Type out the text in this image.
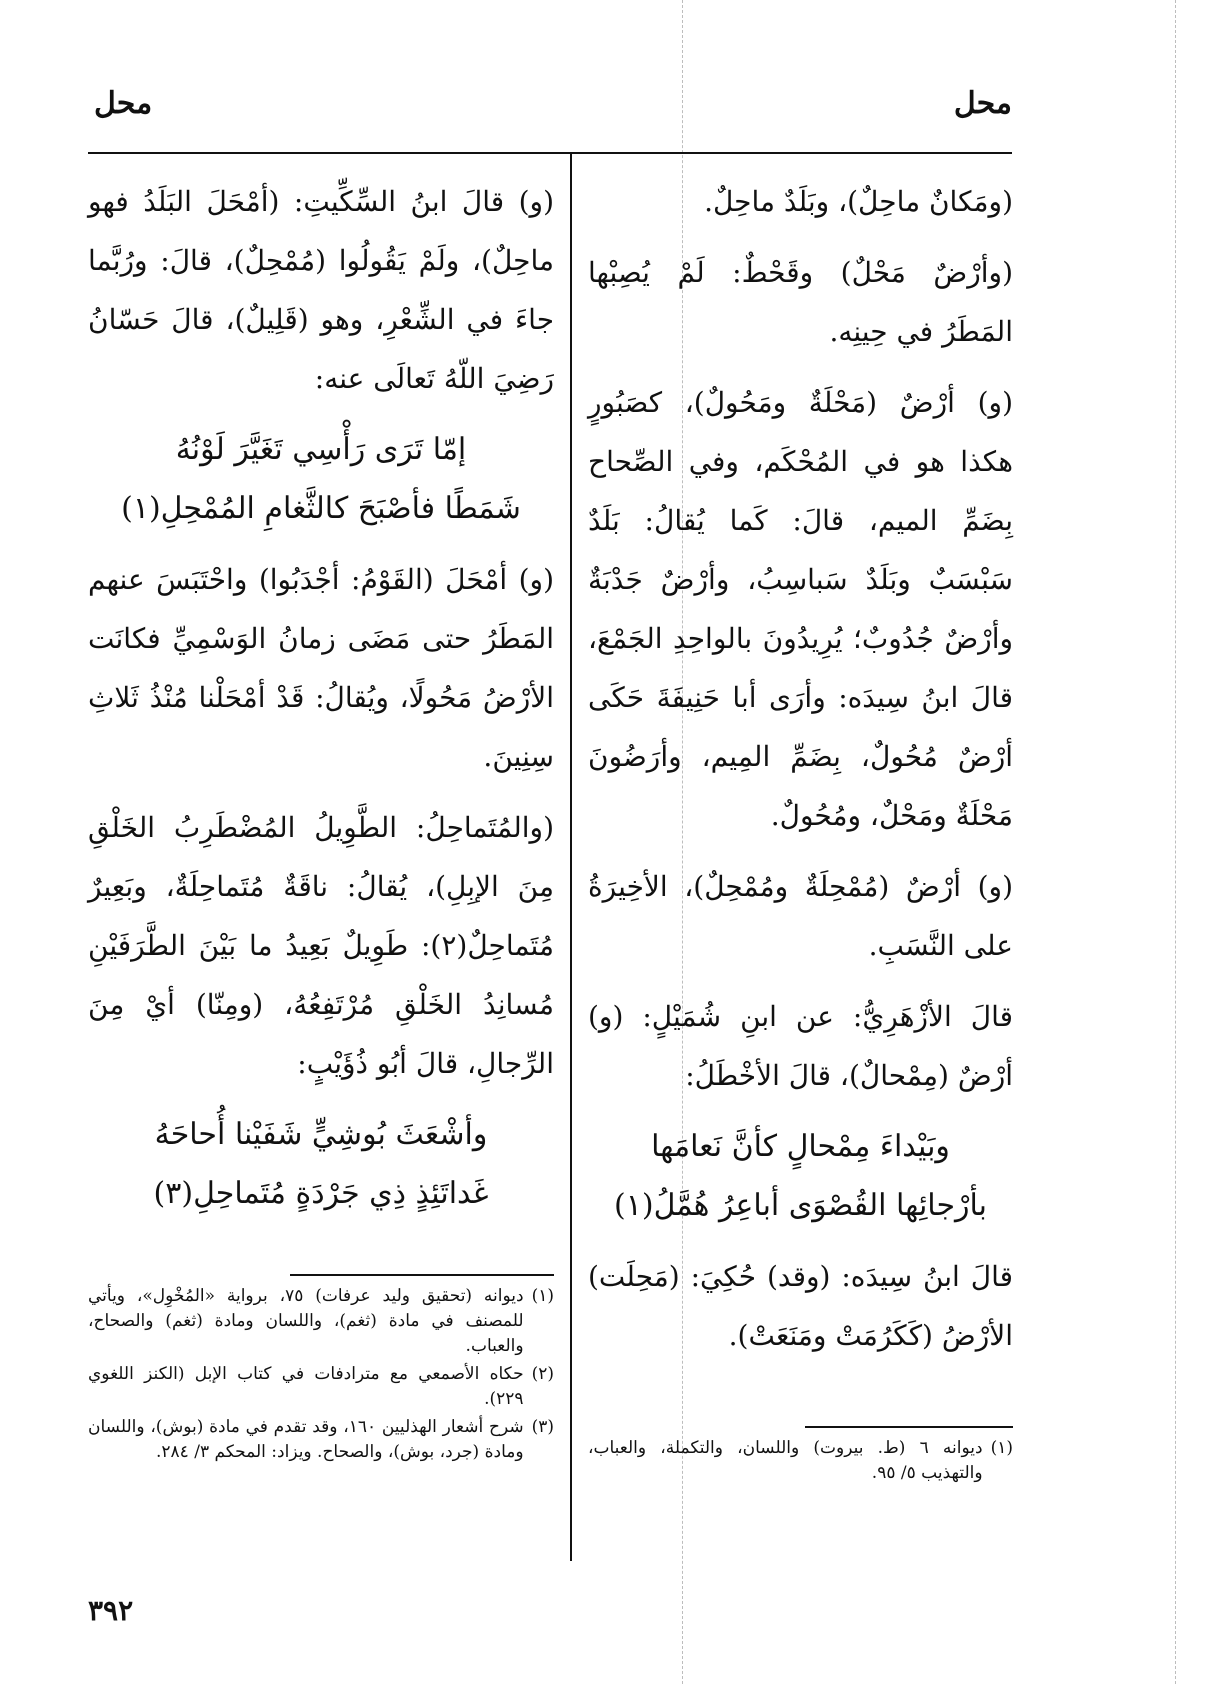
محل
محل

(ومَكانٌ ماحِلٌ)، وبَلَدٌ ماحِلٌ.

(وأرْضٌ مَحْلٌ) وقَحْطٌ: لَمْ يُصِبْها المَطَرُ في حِينِه.

(و) أرْضٌ (مَحْلَةٌ ومَحُولٌ)، كصَبُورٍ هكذا هو في المُحْكَم، وفي الصِّحاح بِضَمِّ الميم، قالَ: كَما يُقالُ: بَلَدٌ سَبْسَبٌ وبَلَدٌ سَباسِبُ، وأرْضٌ جَدْبَةٌ وأرْضٌ جُدُوبٌ؛ يُرِيدُونَ بالواحِدِ الجَمْعَ، قالَ ابنُ سِيدَه: وأرَى أبا حَنِيفَةَ حَكَى أرْضٌ مُحُولٌ، بِضَمِّ المِيم، وأرَضُونَ مَحْلَةٌ ومَحْلٌ، ومُحُولٌ.

(و) أرْضٌ (مُمْحِلَةٌ ومُمْحِلٌ)، الأخِيرَةُ على النَّسَبِ.

قالَ الأزْهَرِيُّ: عن ابنِ شُمَيْلٍ: (و) أرْضٌ (مِمْحالٌ)، قالَ الأخْطَلُ:

وبَيْداءَ مِمْحالٍ كأنَّ نَعامَها

بأرْجائِها القُصْوَى أباعِرُ هُمَّلُ(١)

قالَ ابنُ سِيدَه: (وقد) حُكِيَ: (مَحِلَت) الأرْضُ (كَكَرُمَتْ ومَنَعَتْ).

(١)
ديوانه ٦ (ط. بيروت) واللسان، والتكملة، والعباب، والتهذيب ٥/ ٩٥.

(و) قالَ ابنُ السِّكِّيتِ: (أمْحَلَ البَلَدُ فهو ماحِلٌ)، ولَمْ يَقُولُوا (مُمْحِلٌ)، قالَ: ورُبَّما جاءَ في الشِّعْرِ، وهو (قَلِيلٌ)، قالَ حَسّانُ رَضِيَ اللّهُ تَعالَى عنه:

إمّا تَرَى رَأْسِي تَغَيَّرَ لَوْنُهُ

شَمَطًا فأصْبَحَ كالثَّغامِ المُمْحِلِ(١)

(و) أمْحَلَ (القَوْمُ: أجْدَبُوا) واحْتَبَسَ عنهم المَطَرُ حتى مَضَى زمانُ الوَسْمِيِّ فكانَت الأرْضُ مَحُولًا، ويُقالُ: قَدْ أمْحَلْنا مُنْذُ ثَلاثِ سِنِينَ.

(والمُتَماحِلُ: الطَّوِيلُ المُضْطَرِبُ الخَلْقِ مِنَ الإبِلِ)، يُقالُ: ناقَةٌ مُتَماحِلَةٌ، وبَعِيرٌ مُتَماحِلٌ(٢): طَوِيلٌ بَعِيدُ ما بَيْنَ الطَّرَفَيْنِ مُسانِدُ الخَلْقِ مُرْتَفِعُهُ، (ومِنّا) أيْ مِنَ الرِّجالِ، قالَ أبُو ذُؤَيْبٍ:

وأشْعَثَ بُوشِيٍّ شَفَيْنا أُحاحَهُ

غَداتَئِذٍ ذِي جَرْدَةٍ مُتَماحِلِ(٣)

(١)
ديوانه (تحقيق وليد عرفات) ٧٥، برواية «المُخْوِل»، ويأتي للمصنف في مادة (ثغم)، واللسان ومادة (ثغم) والصحاح، والعباب.
(٢)
حكاه الأصمعي مع مترادفات في كتاب الإبل (الكنز اللغوي ٢٢٩).
(٣)
شرح أشعار الهذليين ١٦٠، وقد تقدم في مادة (بوش)، واللسان ومادة (جرد، بوش)، والصحاح. ويزاد: المحكم ٣/ ٢٨٤.
٣٩٢
